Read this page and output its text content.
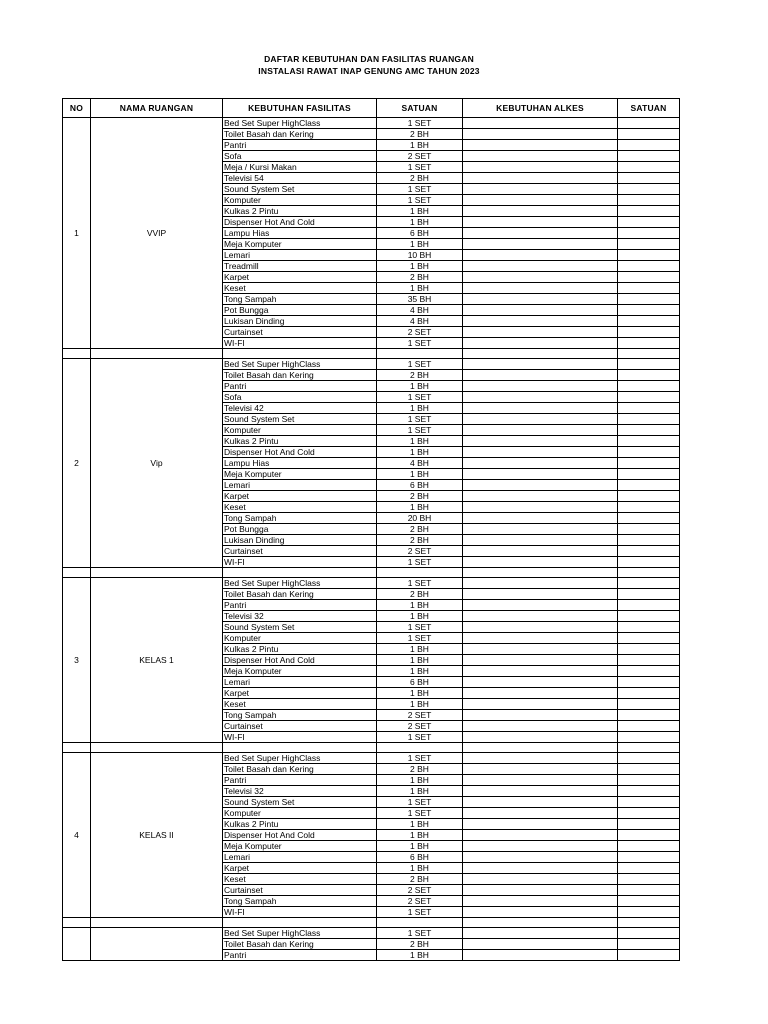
DAFTAR KEBUTUHAN DAN FASILITAS RUANGAN
INSTALASI RAWAT INAP GENUNG AMC TAHUN 2023
NO	NAMA RUANGAN	KEBUTUHAN FASILITAS	SATUAN	KEBUTUHAN ALKES	SATUAN
1	VVIP	Bed Set Super HighClass	1 SET		
		Toilet Basah dan Kering	2 BH		
		Pantri	1 BH		
		Sofa	2 SET		
		Meja / Kursi Makan	1 SET		
		Televisi 54	2 BH		
		Sound System Set	1 SET		
		Komputer	1 SET		
		Kulkas 2 Pintu	1 BH		
		Dispenser Hot And Cold	1 BH		
		Lampu Hias	6 BH		
		Meja Komputer	1 BH		
		Lemari	10 BH		
		Treadmill	1 BH		
		Karpet	2 BH		
		Keset	1 BH		
		Tong Sampah	35 BH		
		Pot Bungga	4 BH		
		Lukisan Dinding	4 BH		
		Curtainset	2 SET		
		WI-FI	1 SET		

2	Vip	Bed Set Super HighClass	1 SET		
		Toilet Basah dan Kering	2 BH		
		Pantri	1 BH		
		Sofa	1 SET		
		Televisi 42	1 BH		
		Sound System Set	1 SET		
		Komputer	1 SET		
		Kulkas 2 Pintu	1 BH		
		Dispenser Hot And Cold	1 BH		
		Lampu Hias	4 BH		
		Meja Komputer	1 BH		
		Lemari	6 BH		
		Karpet	2 BH		
		Keset	1 BH		
		Tong Sampah	20 BH		
		Pot Bungga	2 BH		
		Lukisan Dinding	2 BH		
		Curtainset	2 SET		
		WI-FI	1 SET		

3	KELAS 1	Bed Set Super HighClass	1 SET		
		Toilet Basah dan Kering	2 BH		
		Pantri	1 BH		
		Televisi 32	1 BH		
		Sound System Set	1 SET		
		Komputer	1 SET		
		Kulkas 2 Pintu	1 BH		
		Dispenser Hot And Cold	1 BH		
		Meja Komputer	1 BH		
		Lemari	6 BH		
		Karpet	1 BH		
		Keset	1 BH		
		Tong Sampah	2 SET		
		Curtainset	2 SET		
		WI-FI	1 SET		

4	KELAS II	Bed Set Super HighClass	1 SET		
		Toilet Basah dan Kering	2 BH		
		Pantri	1 BH		
		Televisi 32	1 BH		
		Sound System Set	1 SET		
		Komputer	1 SET		
		Kulkas 2 Pintu	1 BH		
		Dispenser Hot And Cold	1 BH		
		Meja Komputer	1 BH		
		Lemari	6 BH		
		Karpet	1 BH		
		Keset	2 BH		
		Curtainset	2 SET		
		Tong Sampah	2 SET		
		WI-FI	1 SET		

		Bed Set Super HighClass	1 SET		
		Toilet Basah dan Kering	2 BH		
		Pantri	1 BH		
